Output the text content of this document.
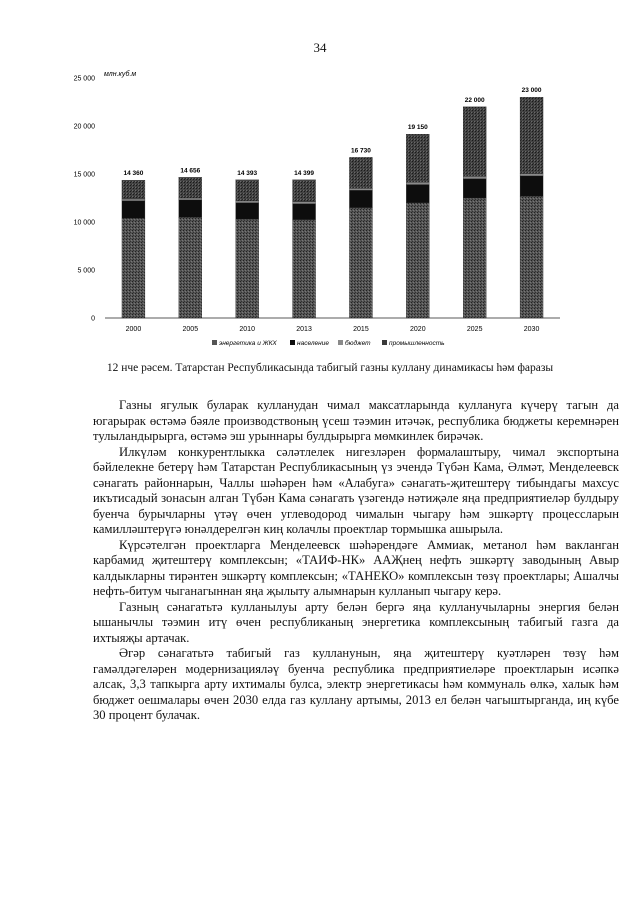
34
млн.куб.м
0
5 000
10 000
15 000
20 000
25 000
2000	2005	2010	2013	2015	2020	2025	2030
14 360	14 656	14 393	14 399
16 730
19 150
22 000
23 000
энергетика и ЖКХ	население бюджет	промышленность
12 нче рәсем. Татарстан Республикасында табигый газны куллану динамикасы һәм фаразы

Газны ягулык буларак кулланудан чимал максатларында куллануга күчерү тагын да югарырак өстәмә бәяле производствоның үсеш тәэмин итәчәк, республика бюджеты керемнәрен тулыландырырга, өстәмә эш урыннары булдырырга мөмкинлек бирәчәк.

Илкүләм конкурентлыкка сәләтлелек нигезләрен формалаштыру, чимал экспортына бәйлелекне бетерү һәм Татарстан Республикасының үз эчендә Түбән Кама, Әлмәт, Менделеевск сәнагать районнарын, Чаллы шәһәрен һәм «Алабуга» сәнагать-җитештерү тибындагы махсус икътисадый зонасын алган Түбән Кама сәнагать үзәгендә нәтиҗәле яңа предприятиеләр булдыру буенча бурычларны үтәү өчен углеводород чималын чыгару һәм эшкәртү процессларын камилләштерүгә юнәлдерелгән киң колачлы проектлар тормышка ашырыла.

Күрсәтелгән проектларга Менделеевск шәһәрендәге Аммиак, метанол һәм вакланган карбамид җитештерү комплексын; «ТАИФ-НК» ААҖнең нефть эшкәртү заводының Авыр калдыкларны тирәнтен эшкәртү комплексын; «ТАНЕКО» комплексын төзү проектлары; Ашалчы нефть-битум чыганагыннан яңа җылыту алымнарын кулланып чыгару керә.

Газның сәнагатьтә кулланылуы арту белән бергә яңа кулланучыларны энергия белән ышанычлы тәэмин итү өчен республиканың энергетика комплексының табигый газга да ихтыяҗы артачак.

Әгәр сәнагатьтә табигый газ кулланунын, яңа җитештерү куәтләрен төзү һәм гамәлдәгеләрен модернизацияләү буенча республика предприятиеләре проектларын исәпкә алсак, 3,3 тапкырга арту ихтималы булса, электр энергетикасы һәм коммуналь өлкә, халык һәм бюджет оешмалары өчен 2030 елда газ куллану артымы, 2013 ел белән чагыштырганда, иң күбе 30 процент булачак.
